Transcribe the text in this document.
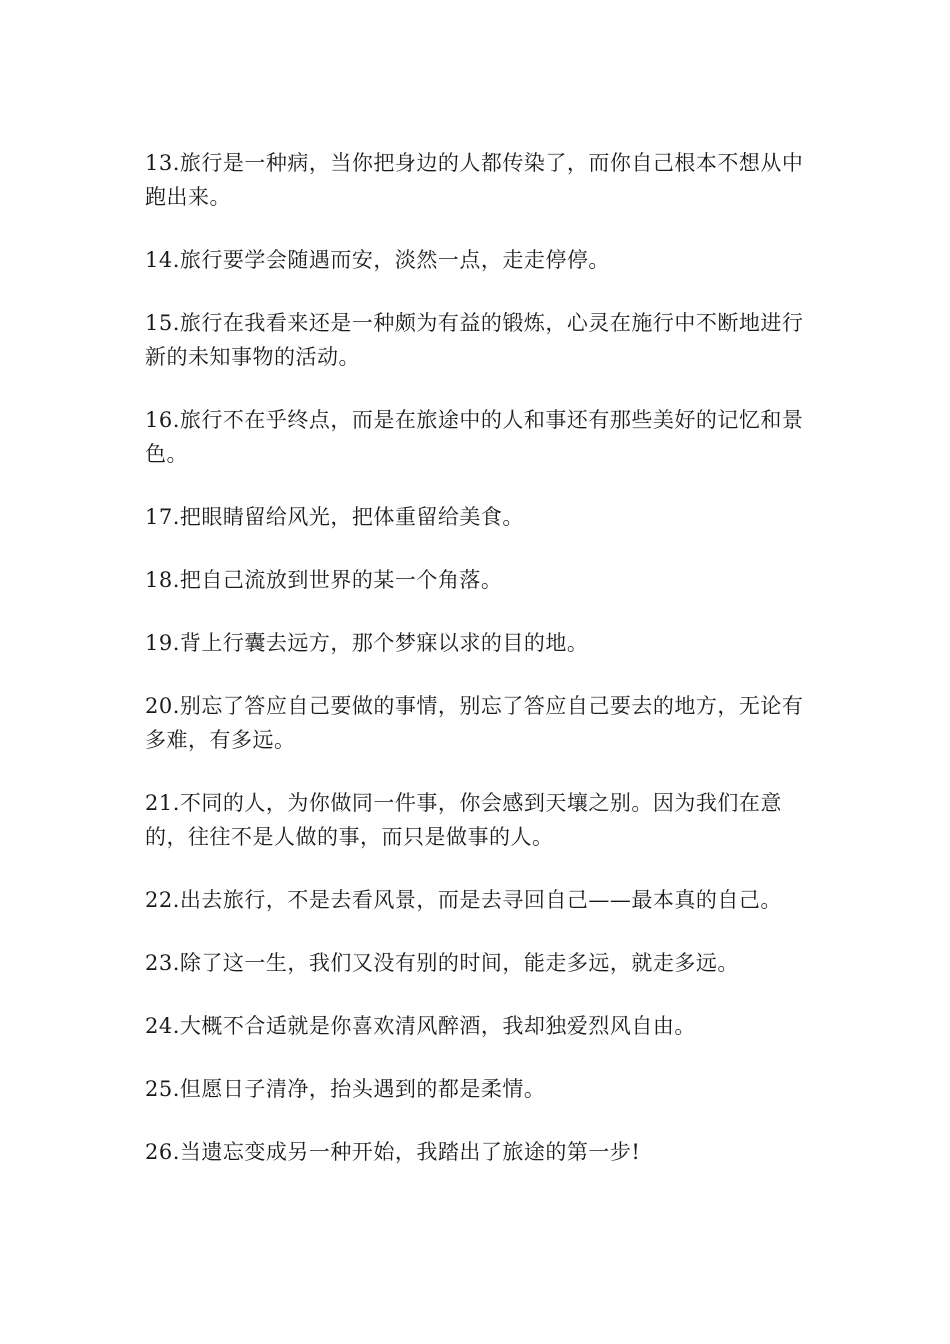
13.旅行是一种病，当你把身边的人都传染了，而你自己根本不想从中跑出来。

14.旅行要学会随遇而安，淡然一点，走走停停。

15.旅行在我看来还是一种颇为有益的锻炼，心灵在施行中不断地进行新的未知事物的活动。

16.旅行不在乎终点，而是在旅途中的人和事还有那些美好的记忆和景色。

17.把眼睛留给风光，把体重留给美食。

18.把自己流放到世界的某一个角落。

19.背上行囊去远方，那个梦寐以求的目的地。

20.别忘了答应自己要做的事情，别忘了答应自己要去的地方，无论有多难，有多远。

21.不同的人，为你做同一件事，你会感到天壤之别。因为我们在意的，往往不是人做的事，而只是做事的人。

22.出去旅行，不是去看风景，而是去寻回自己——最本真的自己。

23.除了这一生，我们又没有别的时间，能走多远，就走多远。

24.大概不合适就是你喜欢清风醉酒，我却独爱烈风自由。

25.但愿日子清净，抬头遇到的都是柔情。

26.当遗忘变成另一种开始，我踏出了旅途的第一步!
